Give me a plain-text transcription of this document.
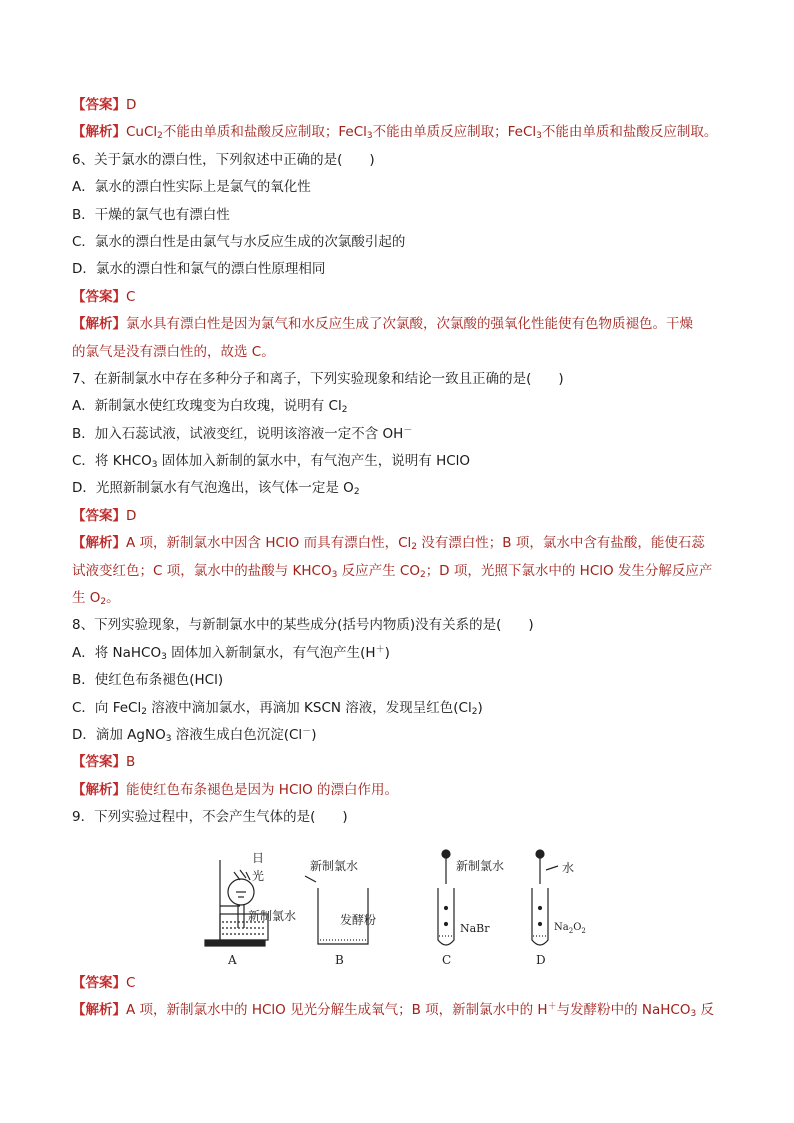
【答案】D
【解析】CuCl$_2$不能由单质和盐酸反应制取；FeCl$_3$不能由单质反应制取；FeCl$_3$不能由单质和盐酸反应制取。
6、关于氯水的漂白性，下列叙述中正确的是(　　)
A．氯水的漂白性实际上是氯气的氧化性
B．干燥的氯气也有漂白性
C．氯水的漂白性是由氯气与水反应生成的次氯酸引起的
D．氯水的漂白性和氯气的漂白性原理相同
【答案】C
【解析】氯水具有漂白性是因为氯气和水反应生成了次氯酸，次氯酸的强氧化性能使有色物质褪色。干燥
的氯气是没有漂白性的，故选 C。
7、在新制氯水中存在多种分子和离子，下列实验现象和结论一致且正确的是(　　)
A．新制氯水使红玫瑰变为白玫瑰，说明有 $Cl_2$
B．加入石蕊试液，试液变红，说明该溶液一定不含 OH－
C．将 $KHCO_3$ 固体加入新制的氯水中，有气泡产生，说明有 HClO
D．光照新制氯水有气泡逸出，该气体一定是 $O_2$
【答案】D
【解析】A 项，新制氯水中因含 HClO 而具有漂白性，$Cl_2$ 没有漂白性；B 项，氯水中含有盐酸，能使石蕊
试液变红色；C 项，氯水中的盐酸与 $KHCO_3$ 反应产生 $CO_2$；D 项，光照下氯水中的 HClO 发生分解反应产
生 $O_2$。
8、下列实验现象，与新制氯水中的某些成分(括号内物质)没有关系的是(　　)
A．将 NaHCO$_3$ 固体加入新制氯水，有气泡产生(H＋)
B．使红色布条褪色(HCl)
C．向 FeCl$_2$ 溶液中滴加氯水，再滴加 KSCN 溶液，发现呈红色$(Cl_2)$
D．滴加 AgNO$_3$ 溶液生成白色沉淀(Cl－)
【答案】B
【解析】能使红色布条褪色是因为 HClO 的漂白作用。
9．下列实验过程中，不会产生气体的是(　　)
日
光
新制氯水
A
新制氯水
发酵粉
B
新制氯水
NaBr
C
水
$Na_2O_2$
D
【答案】C
【解析】A 项，新制氯水中的 HClO 见光分解生成氧气；B 项，新制氯水中的 H＋与发酵粉中的 NaHCO$_3$ 反
